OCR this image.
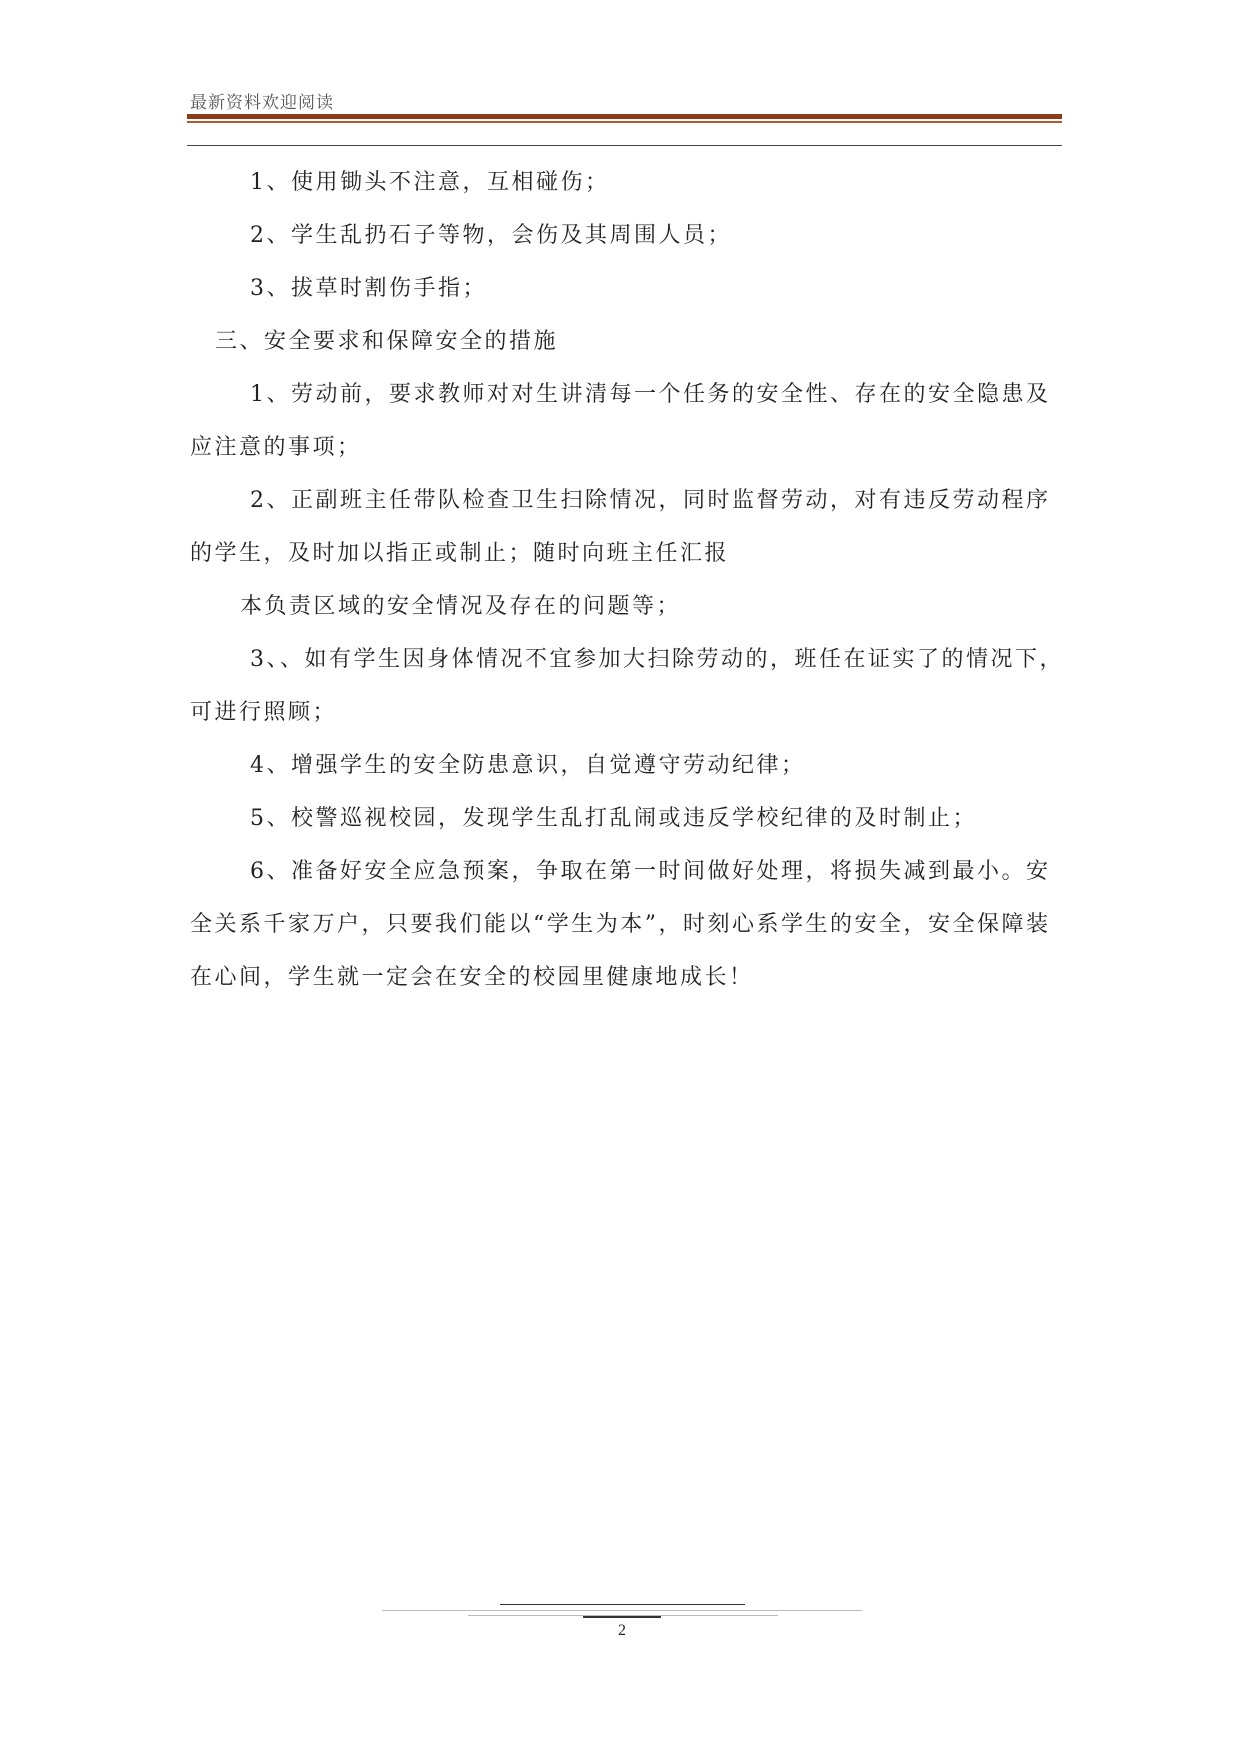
最新资料欢迎阅读

1、使用锄头不注意，互相碰伤；

2、学生乱扔石子等物，会伤及其周围人员；

3、拔草时割伤手指；

三、安全要求和保障安全的措施

1、劳动前，要求教师对对生讲清每一个任务的安全性、存在的安全隐患及应注意的事项；

2、正副班主任带队检查卫生扫除情况，同时监督劳动，对有违反劳动程序的学生，及时加以指正或制止；随时向班主任汇报

本负责区域的安全情况及存在的问题等；

3、、如有学生因身体情况不宜参加大扫除劳动的，班任在证实了的情况下，可进行照顾；

4、增强学生的安全防患意识，自觉遵守劳动纪律；

5、校警巡视校园，发现学生乱打乱闹或违反学校纪律的及时制止；

6、准备好安全应急预案，争取在第一时间做好处理，将损失减到最小。安全关系千家万户，只要我们能以“学生为本”，时刻心系学生的安全，安全保障装在心间，学生就一定会在安全的校园里健康地成长！

2
